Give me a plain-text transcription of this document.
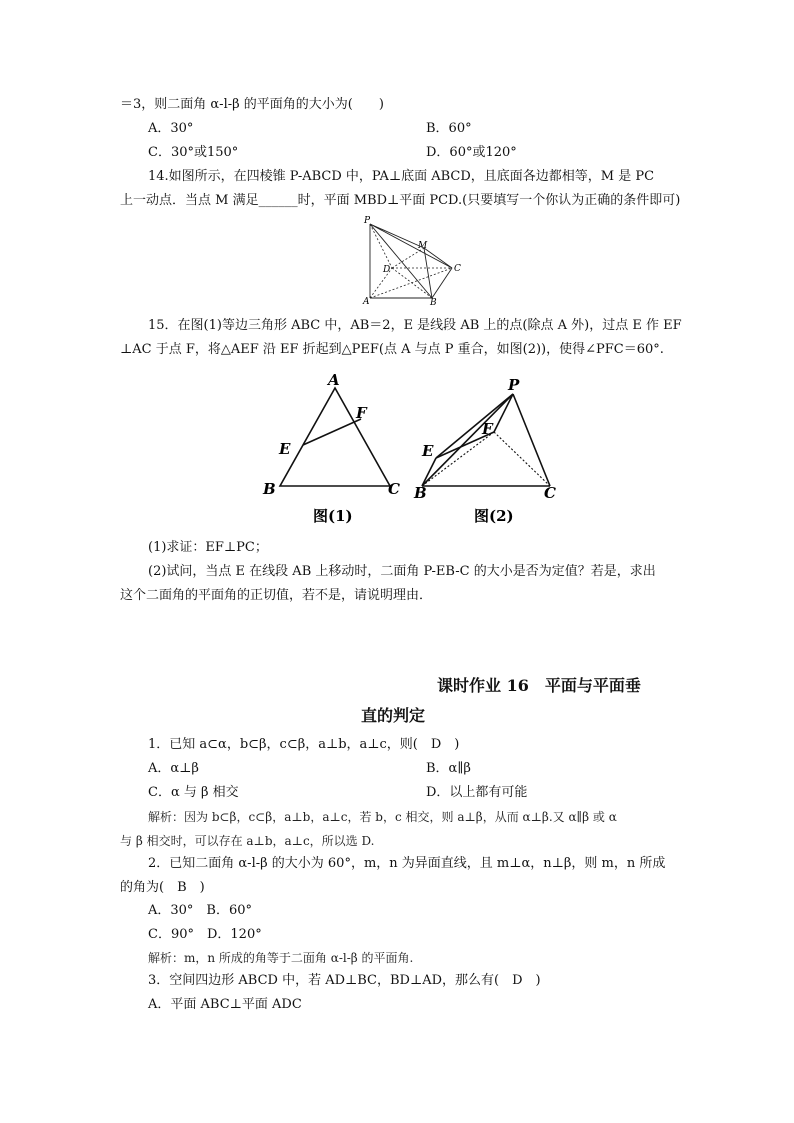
＝3，则二面角 α-l-β 的平面角的大小为(　　)
A．30°	B．60°
C．30°或150°	D．60°或120°
14.如图所示，在四棱锥 P-ABCD 中，PA⊥底面 ABCD，且底面各边都相等，M 是 PC
上一动点．当点 M 满足______时，平面 MBD⊥平面 PCD.(只要填写一个你认为正确的条件即可)
P
M
D	C
A	B
15．在图(1)等边三角形 ABC 中，AB＝2，E 是线段 AB 上的点(除点 A 外)，过点 E 作 EF
⊥AC 于点 F，将△AEF 沿 EF 折起到△PEF(点 A 与点 P 重合，如图(2))，使得∠PFC＝60°.
A
F
E
B	C
图(1)
P
F
E
B	C
图(2)
(1)求证：EF⊥PC；
(2)试问，当点 E 在线段 AB 上移动时，二面角 P-EB-C 的大小是否为定值？若是，求出
这个二面角的平面角的正切值，若不是，请说明理由．
课时作业 16　平面与平面垂
直的判定
1．已知 a⊂α，b⊂β，c⊂β，a⊥b，a⊥c，则(　D　)
A．α⊥β	B．α∥β
C．α 与 β 相交	D．以上都有可能
解析：因为 b⊂β，c⊂β，a⊥b，a⊥c，若 b，c 相交，则 a⊥β，从而 α⊥β.又 α∥β 或 α
与 β 相交时，可以存在 a⊥b，a⊥c，所以选 D.
2．已知二面角 α-l-β 的大小为 60°，m，n 为异面直线，且 m⊥α，n⊥β，则 m，n 所成
的角为(　B　)
A．30°　B．60°
C．90°　D．120°
解析：m，n 所成的角等于二面角 α-l-β 的平面角.
3．空间四边形 ABCD 中，若 AD⊥BC，BD⊥AD，那么有(　D　)
A．平面 ABC⊥平面 ADC
